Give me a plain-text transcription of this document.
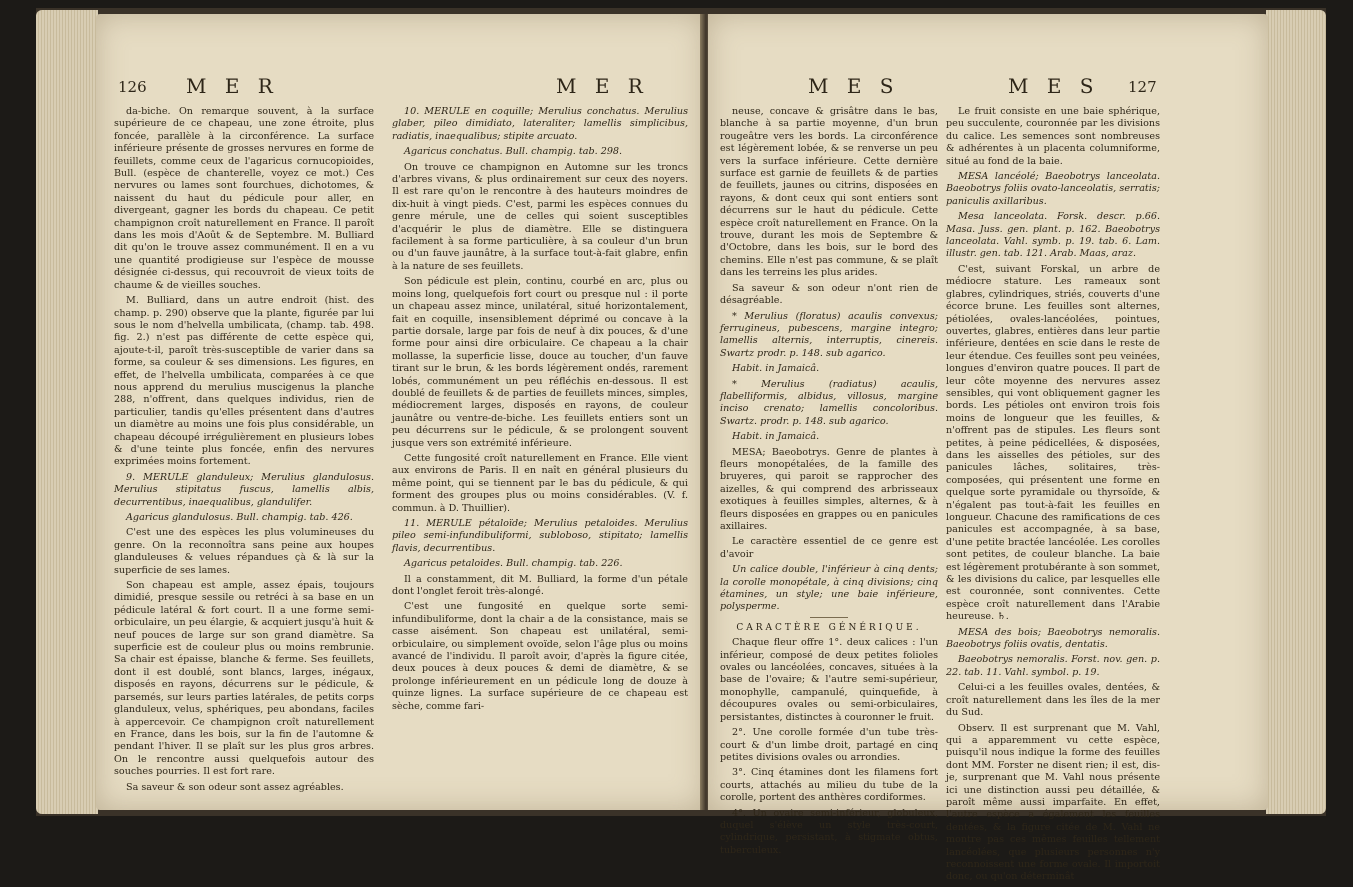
126 M E R	M E R

da-biche. On remarque souvent, à la surface supérieure de ce chapeau, une zone étroite, plus foncée, parallèle à la circonférence. La surface inférieure présente de grosses nervures en forme de feuillets, comme ceux de l'agaricus cornucopioides, Bull. (espèce de chanterelle, voyez ce mot.) Ces nervures ou lames sont fourchues, dichotomes, & naissent du haut du pédicule pour aller, en divergeant, gagner les bords du chapeau. Ce petit champignon croît naturellement en France. Il paroît dans les mois d'Août & de Septembre. M. Bulliard dit qu'on le trouve assez communément. Il en a vu une quantité prodigieuse sur l'espèce de mousse désignée ci-dessus, qui recouvroit de vieux toits de chaume & de vieilles souches.

M. Bulliard, dans un autre endroit (hist. des champ. p. 290) observe que la plante, figurée par lui sous le nom d'helvella umbilicata, (champ. tab. 498. fig. 2.) n'est pas différente de cette espèce qui, ajoute-t-il, paroît très-susceptible de varier dans sa forme, sa couleur & ses dimensions. Les figures, en effet, de l'helvella umbilicata, comparées à ce que nous apprend du merulius muscigenus la planche 288, n'offrent, dans quelques individus, rien de particulier, tandis qu'elles présentent dans d'autres un diamètre au moins une fois plus considérable, un chapeau découpé irrégulièrement en plusieurs lobes & d'une teinte plus foncée, enfin des nervures exprimées moins fortement.

9. MERULE glanduleux; Merulius glandulosus. Merulius stipitatus fuscus, lamellis albis, decurrentibus, inaequalibus, glandulifer.

Agaricus glandulosus. Bull. champig. tab. 426.

C'est une des espèces les plus volumineuses du genre. On la reconnoîtra sans peine aux houpes glanduleuses & velues répandues çà & là sur la superficie de ses lames.

Son chapeau est ample, assez épais, toujours dimidié, presque sessile ou retréci à sa base en un pédicule latéral & fort court. Il a une forme semi-orbiculaire, un peu élargie, & acquiert jusqu'à huit & neuf pouces de large sur son grand diamètre. Sa superficie est de couleur plus ou moins rembrunie. Sa chair est épaisse, blanche & ferme. Ses feuillets, dont il est doublé, sont blancs, larges, inégaux, disposés en rayons, décurrens sur le pédicule, & parsemés, sur leurs parties latérales, de petits corps glanduleux, velus, sphériques, peu abondans, faciles à appercevoir. Ce champignon croît naturellement en France, dans les bois, sur la fin de l'automne & pendant l'hiver. Il se plaît sur les plus gros arbres. On le rencontre aussi quelquefois autour des souches pourries. Il est fort rare.

Sa saveur & son odeur sont assez agréables.

10. MERULE en coquille; Merulius conchatus. Merulius glaber, pileo dimidiato, lateraliter; lamellis simplicibus, radiatis, inaequalibus; stipite arcuato.

Agaricus conchatus. Bull. champig. tab. 298.

On trouve ce champignon en Automne sur les troncs d'arbres vivans, & plus ordinairement sur ceux des noyers. Il est rare qu'on le rencontre à des hauteurs moindres de dix-huit à vingt pieds. C'est, parmi les espèces connues du genre mérule, une de celles qui soient susceptibles d'acquérir le plus de diamètre. Elle se distinguera facilement à sa forme particulière, à sa couleur d'un brun ou d'un fauve jaunâtre, à la surface tout-à-fait glabre, enfin à la nature de ses feuillets.

Son pédicule est plein, continu, courbé en arc, plus ou moins long, quelquefois fort court ou presque nul : il porte un chapeau assez mince, unilatéral, situé horizontalement, fait en coquille, insensiblement déprimé ou concave à la partie dorsale, large par fois de neuf à dix pouces, & d'une forme pour ainsi dire orbiculaire. Ce chapeau a la chair mollasse, la superficie lisse, douce au toucher, d'un fauve tirant sur le brun, & les bords légèrement ondés, rarement lobés, communément un peu réfléchis en-dessous. Il est doublé de feuillets & de parties de feuillets minces, simples, médiocrement larges, disposés en rayons, de couleur jaunâtre ou ventre-de-biche. Les feuillets entiers sont un peu décurrens sur le pédicule, & se prolongent souvent jusque vers son extrémité inférieure.

Cette fungosité croît naturellement en France. Elle vient aux environs de Paris. Il en naît en général plusieurs du même point, qui se tiennent par le bas du pédicule, & qui forment des groupes plus ou moins considérables. (V. f. commun. à D. Thuillier).

11. MERULE pétaloïde; Merulius petaloides. Merulius pileo semi-infundibuliformi, subloboso, stipitato; lamellis flavis, decurrentibus.

Agaricus petaloides. Bull. champig. tab. 226.

Il a constamment, dit M. Bulliard, la forme d'un pétale dont l'onglet feroit très-alongé.

C'est une fungosité en quelque sorte semi-infundibuliforme, dont la chair a de la consistance, mais se casse aisément. Son chapeau est unilatéral, semi-orbiculaire, ou simplement ovoïde, selon l'âge plus ou moins avancé de l'individu. Il paroît avoir, d'après la figure citée, deux pouces à deux pouces & demi de diamètre, & se prolonge inférieurement en un pédicule long de douze à quinze lignes. La surface supérieure de ce chapeau est sèche, comme fari-

M E S	M E S 127

neuse, concave & grisâtre dans le bas, blanche à sa partie moyenne, d'un brun rougeâtre vers les bords. La circonférence est légèrement lobée, & se renverse un peu vers la surface inférieure. Cette dernière surface est garnie de feuillets & de parties de feuillets, jaunes ou citrins, disposées en rayons, & dont ceux qui sont entiers sont décurrens sur le haut du pédicule. Cette espèce croît naturellement en France. On la trouve, durant les mois de Septembre & d'Octobre, dans les bois, sur le bord des chemins. Elle n'est pas commune, & se plaît dans les terreins les plus arides.

Sa saveur & son odeur n'ont rien de désagréable.

* Merulius (floratus) acaulis convexus; ferrugineus, pubescens, margine integro; lamellis alternis, interruptis, cinereis. Swartz prodr. p. 148. sub agarico.

Habit. in Jamaicâ.

* Merulius (radiatus) acaulis, flabelliformis, albidus, villosus, margine inciso crenato; lamellis concoloribus. Swartz. prodr. p. 148. sub agarico.

Habit. in Jamaicâ.

MESA; Baeobotrys. Genre de plantes à fleurs monopétalées, de la famille des bruyeres, qui paroit se rapprocher des aizelles, & qui comprend des arbrisseaux exotiques à feuilles simples, alternes, & à fleurs disposées en grappes ou en panicules axillaires.

Le caractère essentiel de ce genre est d'avoir

Un calice double, l'inférieur à cinq dents; la corolle monopétale, à cinq divisions; cinq étamines, un style; une baie inférieure, polysperme.

CARACTÈRE GÉNÉRIQUE.

Chaque fleur offre 1°. deux calices : l'un inférieur, composé de deux petites folioles ovales ou lancéolées, concaves, situées à la base de l'ovaire; & l'autre semi-supérieur, monophylle, campanulé, quinquefide, à découpures ovales ou semi-orbiculaires, persistantes, distinctes à couronner le fruit.

2°. Une corolle formée d'un tube très-court & d'un limbe droit, partagé en cinq petites divisions ovales ou arrondies.

3°. Cinq étamines dont les filamens fort courts, attachés au milieu du tube de la corolle, portent des anthères cordiformes.

4°. Un ovaire semi-inférieur, globuleux, duquel s'élève un style très-court, cylindrique, persistant, à stigmate obtus, tuberculeux.

Le fruit consiste en une baie sphérique, peu succulente, couronnée par les divisions du calice. Les semences sont nombreuses & adhérentes à un placenta columniforme, situé au fond de la baie.

MESA lancéolé; Baeobotrys lanceolata. Baeobotrys foliis ovato-lanceolatis, serratis; paniculis axillaribus.

Mesa lanceolata. Forsk. descr. p.66. Masa. Juss. gen. plant. p. 162. Baeobotrys lanceolata. Vahl. symb. p. 19. tab. 6. Lam. illustr. gen. tab. 121. Arab. Maas, araz.

C'est, suivant Forskal, un arbre de médiocre stature. Les rameaux sont glabres, cylindriques, striés, couverts d'une écorce brune. Les feuilles sont alternes, pétiolées, ovales-lancéolées, pointues, ouvertes, glabres, entières dans leur partie inférieure, dentées en scie dans le reste de leur étendue. Ces feuilles sont peu veinées, longues d'environ quatre pouces. Il part de leur côte moyenne des nervures assez sensibles, qui vont obliquement gagner les bords. Les pétioles ont environ trois fois moins de longueur que les feuilles, & n'offrent pas de stipules. Les fleurs sont petites, à peine pédicellées, & disposées, dans les aisselles des pétioles, sur des panicules lâches, solitaires, très-composées, qui présentent une forme en quelque sorte pyramidale ou thyrsoïde, & n'égalent pas tout-à-fait les feuilles en longueur. Chacune des ramifications de ces panicules est accompagnée, à sa base, d'une petite bractée lancéolée. Les corolles sont petites, de couleur blanche. La baie est légèrement protubérante à son sommet, & les divisions du calice, par lesquelles elle est couronnée, sont conniventes. Cette espèce croît naturellement dans l'Arabie heureuse. ♄.

MESA des bois; Baeobotrys nemoralis. Baeobotrys foliis ovatis, dentatis.

Baeobotrys nemoralis. Forst. nov. gen. p. 22. tab. 11. Vahl. symbol. p. 19.

Celui-ci a les feuilles ovales, dentées, & croît naturellement dans les îles de la mer du Sud.

Observ. Il est surprenant que M. Vahl, qui a apparemment vu cette espèce, puisqu'il nous indique la forme des feuilles dont MM. Forster ne disent rien; il est, dis-je, surprenant que M. Vahl nous présente ici une distinction aussi peu détaillée, & paroît même aussi imparfaite. En effet, l'autre espèce a également les feuilles dentées, & la figure citée de M. Vahl ne montre pas ces mêmes feuilles tellement lancéolées, que plusieurs personnes n'y reconnoissent une forme ovale. Il importoit donc, ou qu'on déterminât
